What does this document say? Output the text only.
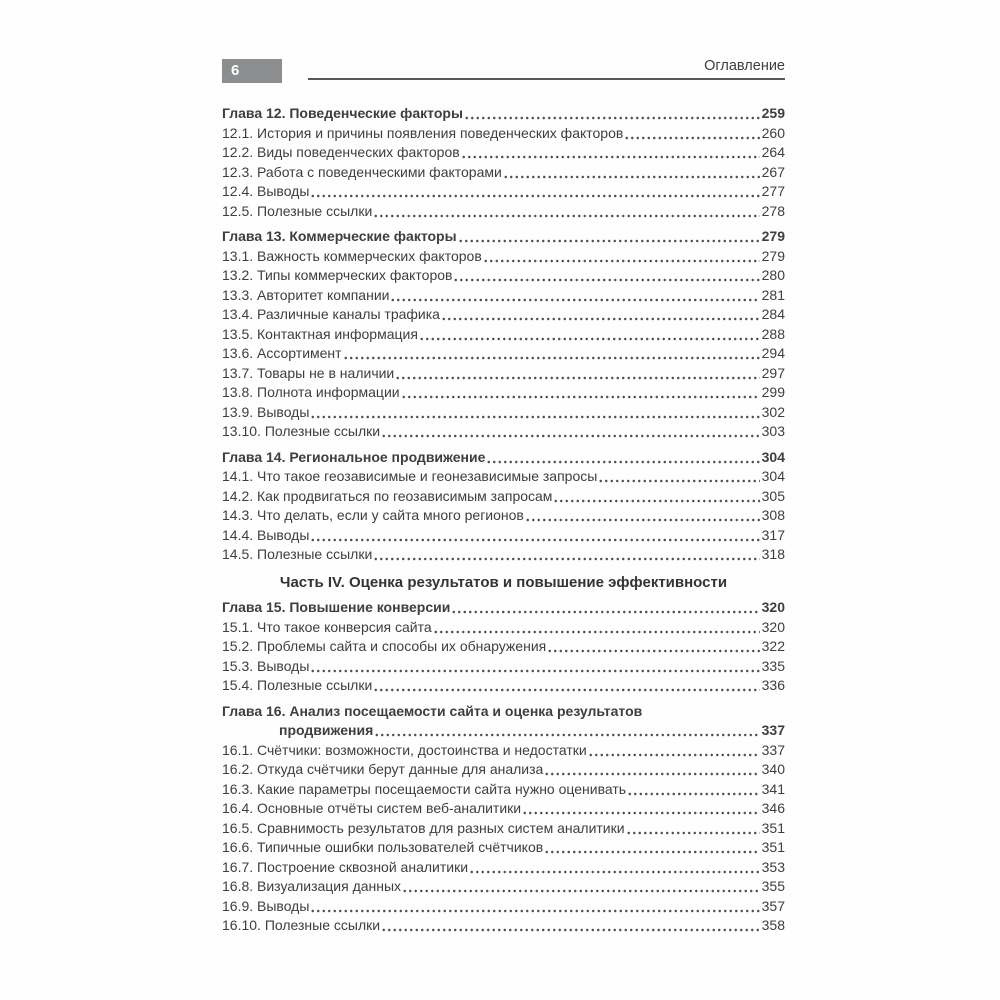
6	Оглавление
Глава 12. Поведенческие факторы	259
12.1. История и причины появления поведенческих факторов	260
12.2. Виды поведенческих факторов	264
12.3. Работа с поведенческими факторами	267
12.4. Выводы	277
12.5. Полезные ссылки	278
Глава 13. Коммерческие факторы	279
13.1. Важность коммерческих факторов	279
13.2. Типы коммерческих факторов	280
13.3. Авторитет компании	281
13.4. Различные каналы трафика	284
13.5. Контактная информация	288
13.6. Ассортимент	294
13.7. Товары не в наличии	297
13.8. Полнота информации	299
13.9. Выводы	302
13.10. Полезные ссылки	303
Глава 14. Региональное продвижение	304
14.1. Что такое геозависимые и геонезависимые запросы	304
14.2. Как продвигаться по геозависимым запросам	305
14.3. Что делать, если у сайта много регионов	308
14.4. Выводы	317
14.5. Полезные ссылки	318
Часть IV. Оценка результатов и повышение эффективности
Глава 15. Повышение конверсии	320
15.1. Что такое конверсия сайта	320
15.2. Проблемы сайта и способы их обнаружения	322
15.3. Выводы	335
15.4. Полезные ссылки	336
Глава 16. Анализ посещаемости сайта и оценка результатов
продвижения	337
16.1. Счётчики: возможности, достоинства и недостатки	337
16.2. Откуда счётчики берут данные для анализа	340
16.3. Какие параметры посещаемости сайта нужно оценивать	341
16.4. Основные отчёты систем веб-аналитики	346
16.5. Сравнимость результатов для разных систем аналитики	351
16.6. Типичные ошибки пользователей счётчиков	351
16.7. Построение сквозной аналитики	353
16.8. Визуализация данных	355
16.9. Выводы	357
16.10. Полезные ссылки	358
